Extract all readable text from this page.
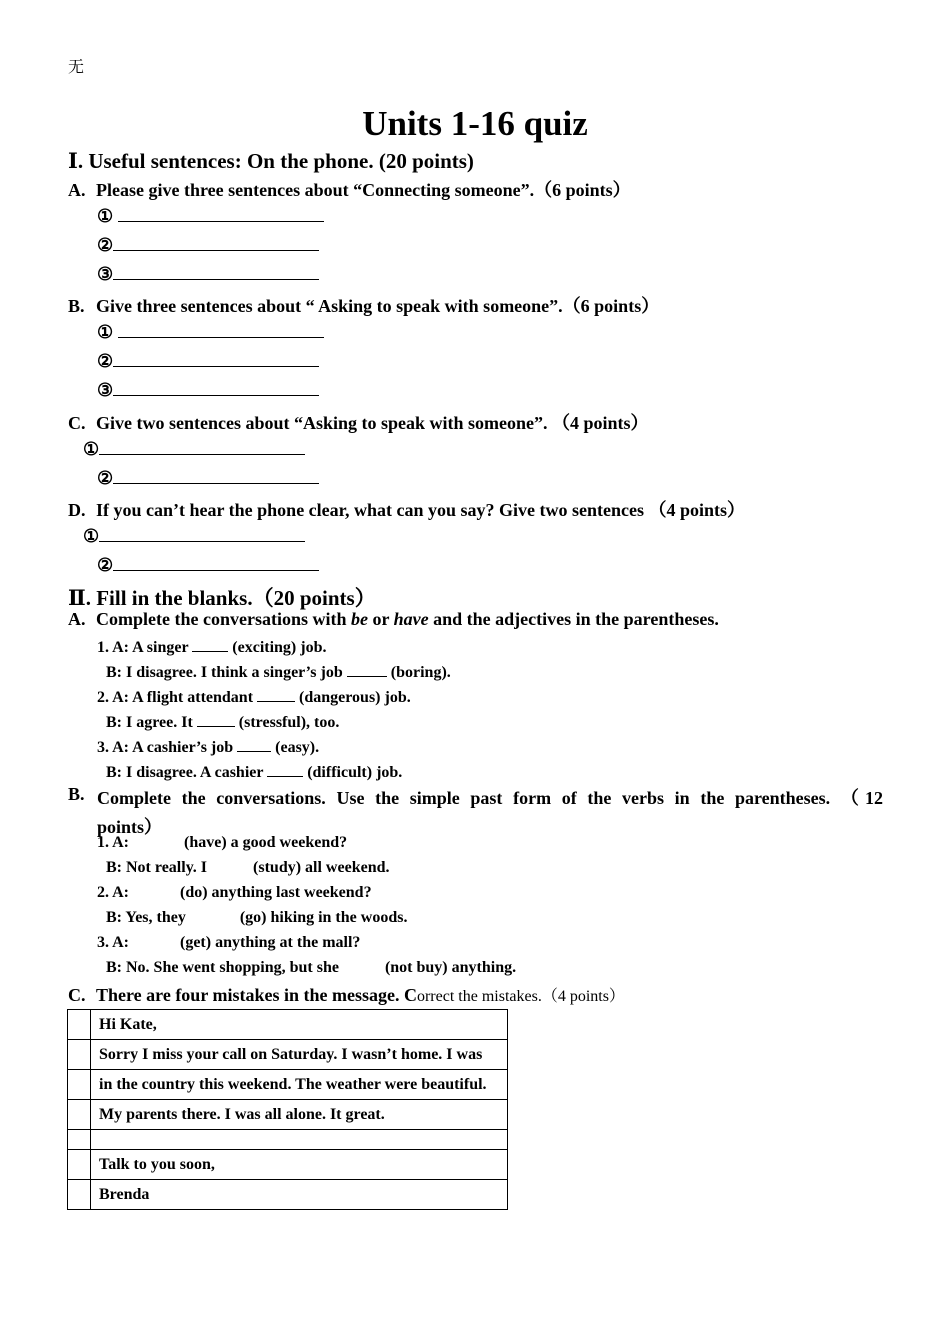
无
Units 1-16 quiz
Ⅰ. Useful sentences: On the phone. (20 points)
A. Please give three sentences about “Connecting someone”.（6 points）
①
②
③
B. Give three sentences about “ Asking to speak with someone”.（6 points）
①
②
③
C. Give two sentences about “Asking to speak with someone”. （4 points）
①
②
D. If you can’t hear the phone clear, what can you say? Give two sentences （4 points）
①
②
Ⅱ. Fill in the blanks.（20 points）
A. Complete the conversations with be or have and the adjectives in the parentheses.
1. A: A singer  (exciting) job.
B: I disagree. I think a singer’s job	(boring).
2. A: A flight attendant  (dangerous) job.
B: I agree. It  (stressful), too.
3. A: A cashier’s job  (easy).
B: I disagree. A cashier  (difficult) job.
B. Complete the conversations. Use the simple past form of the verbs in the parentheses. （12
points）
1. A:	(have) a good weekend?
B: Not really. I	(study) all weekend.
2. A:	(do) anything last weekend?
B: Yes, they	(go) hiking in the woods.
3. A:	(get) anything at the mall?
B: No. She went shopping, but she	(not buy) anything.
C. There are four mistakes in the message. Correct the mistakes.（4 points）
	Hi Kate,
	Sorry I miss your call on Saturday. I wasn’t home. I was
	in the country this weekend. The weather were beautiful.
	My parents there. I was all alone. It great.

	Talk to you soon,
	Brenda
